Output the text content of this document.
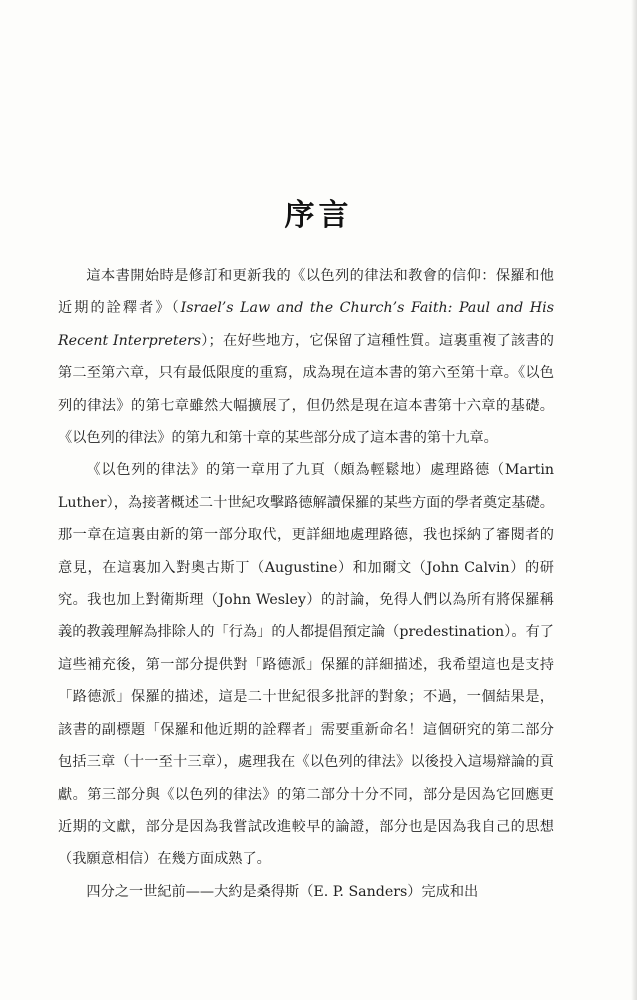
序言

這本書開始時是修訂和更新我的《以色列的律法和教會的信仰：保羅和他近期的詮釋者》（Israel’s Law and the Church’s Faith: Paul and His Recent Interpreters）；在好些地方，它保留了這種性質。這裏重複了該書的第二至第六章，只有最低限度的重寫，成為現在這本書的第六至第十章。《以色列的律法》的第七章雖然大幅擴展了，但仍然是現在這本書第十六章的基礎。《以色列的律法》的第九和第十章的某些部分成了這本書的第十九章。

《以色列的律法》的第一章用了九頁（頗為輕鬆地）處理路德（Martin Luther），為接著概述二十世紀攻擊路德解讀保羅的某些方面的學者奠定基礎。那一章在這裏由新的第一部分取代，更詳細地處理路德，我也採納了審閱者的意見，在這裏加入對奧古斯丁（Augustine）和加爾文（John Calvin）的研究。我也加上對衛斯理（John Wesley）的討論，免得人們以為所有將保羅稱義的教義理解為排除人的「行為」的人都提倡預定論（predestination）。有了這些補充後，第一部分提供對「路德派」保羅的詳細描述，我希望這也是支持「路德派」保羅的描述，這是二十世紀很多批評的對象；不過，一個結果是，該書的副標題「保羅和他近期的詮釋者」需要重新命名！這個研究的第二部分包括三章（十一至十三章），處理我在《以色列的律法》以後投入這場辯論的貢獻。第三部分與《以色列的律法》的第二部分十分不同，部分是因為它回應更近期的文獻，部分是因為我嘗試改進較早的論證，部分也是因為我自己的思想（我願意相信）在幾方面成熟了。

四分之一世紀前——大約是桑得斯（E. P. Sanders）完成和出
